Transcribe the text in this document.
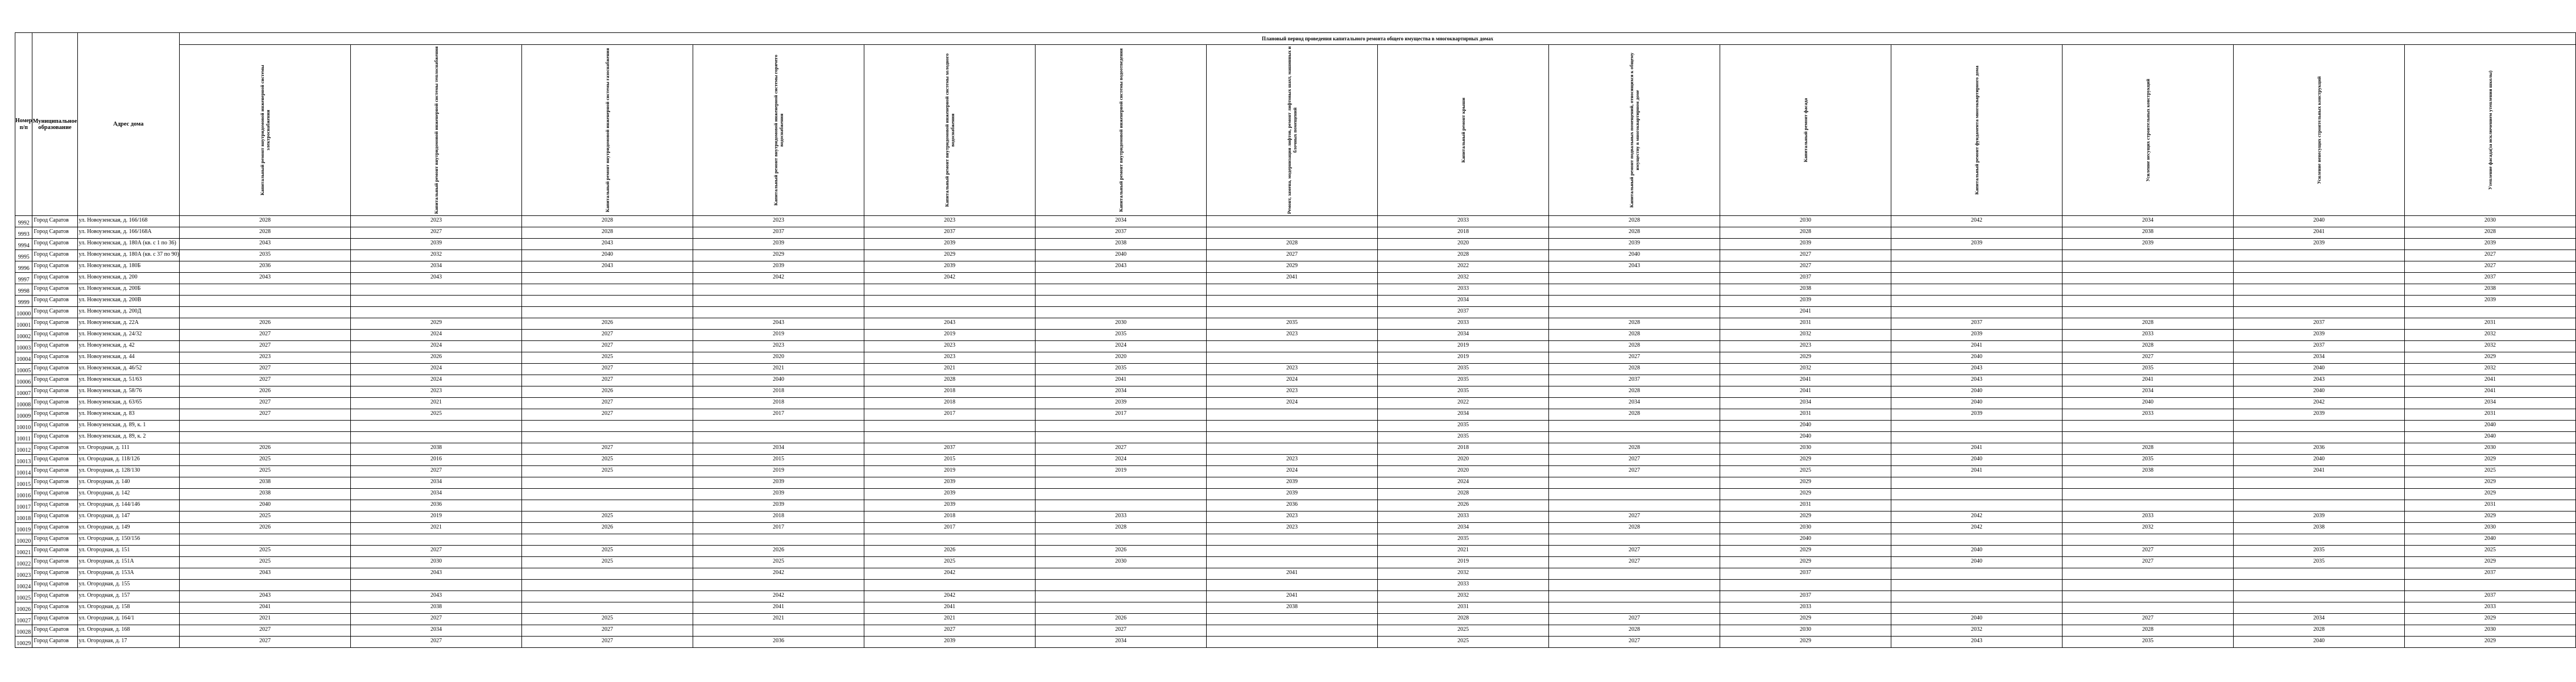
Номер п/п	Муниципальное образование	Адрес дома	Плановый период проведения капитального ремонта общего имущества в многоквартирных домах													

Капитальный ремонт внутридомовой инженерной системы электроснабжения	Капитальный ремонт внутридомовой инженерной системы теплоснабжения	Капитальный ремонт внутридомовой инженерной системы газоснабжения	Капитальный ремонт внутридомовой инженерной системы горячего водоснабжения	Капитальный ремонт внутридомовой инженерной системы холодного водоснабжения	Капитальный ремонт внутридомовой инженерной системы водоотведения	Ремонт, замена, модернизация лифтов, ремонт лифтовых шахт, машинных и блочных помещений	Капитальный ремонт крыши	Капитальный ремонт подвальных помещений, относящихся к общему имуществу в многоквартирном доме	Капитальный ремонт фасада	Капитальный ремонт фундамента многоквартирного дома	Усиление несущих строительных конструкций	Усиление ненесущих строительных конструкций	Утепление фасада(за исключением утепления школы)

9992	Город Саратов	ул. Новоузенская, д. 166/168	2028	2023	2028	2023	2023	2034		2033	2028	2030	2042	2034	2040	2030
9993	Город Саратов	ул. Новоузенская, д. 166/168А	2028	2027	2028	2037	2037	2037		2018	2028	2028		2038	2041	2028
9994	Город Саратов	ул. Новоузенская, д. 180А (кв. с 1 по 36)	2043	2039	2043	2039	2039	2038	2028	2020	2039	2039	2039	2039	2039	2039
9995	Город Саратов	ул. Новоузенская, д. 180А (кв. с 37 по 90)	2035	2032	2040	2029	2029	2040	2027	2028	2040	2027				2027
9996	Город Саратов	ул. Новоузенская, д. 180Б	2036	2034	2043	2039	2039	2043	2029	2022	2043	2027				2027
9997	Город Саратов	ул. Новоузенская, д. 200	2043	2043		2042	2042		2041	2032		2037				2037
9998	Город Саратов	ул. Новоузенская, д. 200Б								2033		2038				2038
9999	Город Саратов	ул. Новоузенская, д. 200В								2034		2039				2039
10000	Город Саратов	ул. Новоузенская, д. 200Д								2037		2041				
10001	Город Саратов	ул. Новоузенская, д. 22А	2026	2029	2026	2043	2043	2030	2035	2033	2028	2031	2037	2028	2037	2031
10002	Город Саратов	ул. Новоузенская, д. 24/32	2027	2024	2027	2019	2019	2035	2023	2034	2028	2032	2039	2033	2039	2032
10003	Город Саратов	ул. Новоузенская, д. 42	2027	2024	2027	2023	2023	2024		2019	2028	2023	2041	2028	2037	2032
10004	Город Саратов	ул. Новоузенская, д. 44	2023	2026	2025	2020	2023	2020		2019	2027	2029	2040	2027	2034	2029
10005	Город Саратов	ул. Новоузенская, д. 46/52	2027	2024	2027	2021	2021	2035	2023	2035	2028	2032	2043	2035	2040	2032
10006	Город Саратов	ул. Новоузенская, д. 51/63	2027	2024	2027	2040	2028	2041	2024	2035	2037	2041	2043	2041	2043	2041
10007	Город Саратов	ул. Новоузенская, д. 58/76	2026	2023	2026	2018	2018	2034	2023	2035	2028	2041	2040	2034	2040	2041
10008	Город Саратов	ул. Новоузенская, д. 63/65	2027	2021	2027	2018	2018	2039	2024	2022	2034	2034	2040	2040	2042	2034
10009	Город Саратов	ул. Новоузенская, д. 83	2027	2025	2027	2017	2017	2017		2034	2028	2031	2039	2033	2039	2031
10010	Город Саратов	ул. Новоузенская, д. 89, к. 1								2035		2040				2040
10011	Город Саратов	ул. Новоузенская, д. 89, к. 2								2035		2040				2040
10012	Город Саратов	ул. Огородная, д. 111	2026	2038	2027	2034	2037	2027		2018	2028	2030	2041	2028	2036	2030
10013	Город Саратов	ул. Огородная, д. 118/126	2025	2016	2025	2015	2015	2024	2023	2020	2027	2029	2040	2035	2040	2029
10014	Город Саратов	ул. Огородная, д. 128/130	2025	2027	2025	2019	2019	2019	2024	2020	2027	2025	2041	2038	2041	2025
10015	Город Саратов	ул. Огородная, д. 140	2038	2034		2039	2039		2039	2024		2029				2029
10016	Город Саратов	ул. Огородная, д. 142	2038	2034		2039	2039		2039	2028		2029				2029
10017	Город Саратов	ул. Огородная, д. 144/146	2040	2036		2039	2039		2036	2026		2031				2031
10018	Город Саратов	ул. Огородная, д. 147	2025	2019	2025	2018	2018	2033	2023	2033	2027	2029	2042	2033	2039	2029
10019	Город Саратов	ул. Огородная, д. 149	2026	2021	2026	2017	2017	2028	2023	2034	2028	2030	2042	2032	2038	2030
10020	Город Саратов	ул. Огородная, д. 150/156								2035		2040				2040
10021	Город Саратов	ул. Огородная, д. 151	2025	2027	2025	2026	2026	2026		2021	2027	2029	2040	2027	2035	2025
10022	Город Саратов	ул. Огородная, д. 151А	2025	2030	2025	2025	2025	2030		2019	2027	2029	2040	2027	2035	2029
10023	Город Саратов	ул. Огородная, д. 153А	2043	2043		2042	2042		2041	2032		2037				2037
10024	Город Саратов	ул. Огородная, д. 155								2033						
10025	Город Саратов	ул. Огородная, д. 157	2043	2043		2042	2042		2041	2032		2037				2037
10026	Город Саратов	ул. Огородная, д. 158	2041	2038		2041	2041		2038	2031		2033				2033
10027	Город Саратов	ул. Огородная, д. 164/1	2021	2027	2025	2021	2021	2026		2028	2027	2029	2040	2027	2034	2029
10028	Город Саратов	ул. Огородная, д. 168	2027	2034	2027		2027	2027		2025	2028	2030	2032	2028	2028	2030
10029	Город Саратов	ул. Огородная, д. 17	2027	2027	2027	2036	2039	2034		2025	2027	2029	2043	2035	2040	2029
